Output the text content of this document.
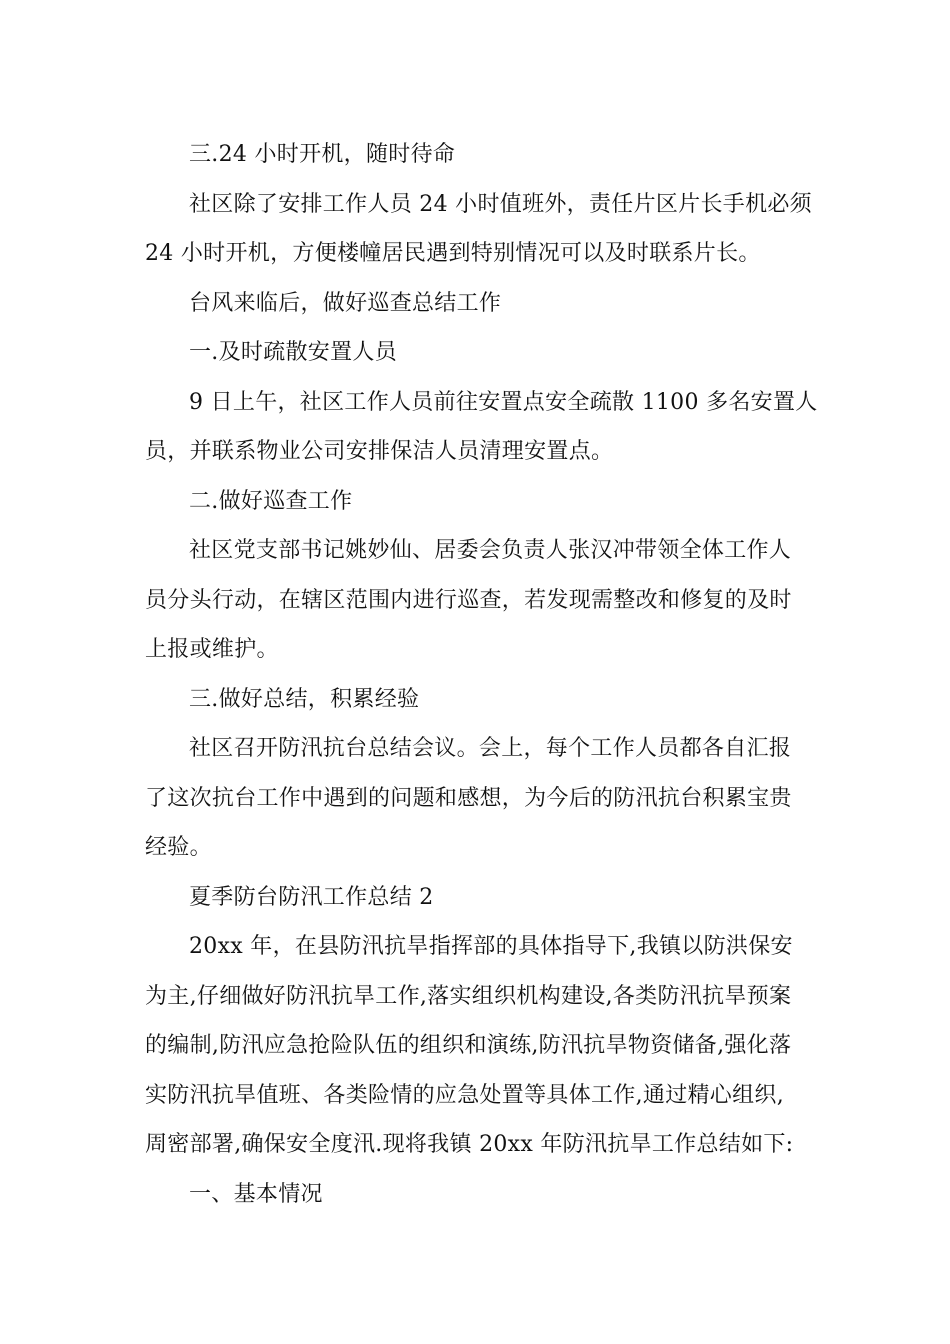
三.24 小时开机，随时待命
社区除了安排工作人员 24 小时值班外，责任片区片长手机必须
24 小时开机，方便楼幢居民遇到特别情况可以及时联系片长。
台风来临后，做好巡查总结工作
一.及时疏散安置人员
9 日上午，社区工作人员前往安置点安全疏散 1100 多名安置人
员，并联系物业公司安排保洁人员清理安置点。
二.做好巡查工作
社区党支部书记姚妙仙、居委会负责人张汉冲带领全体工作人
员分头行动，在辖区范围内进行巡查，若发现需整改和修复的及时
上报或维护。
三.做好总结，积累经验
社区召开防汛抗台总结会议。会上，每个工作人员都各自汇报
了这次抗台工作中遇到的问题和感想，为今后的防汛抗台积累宝贵
经验。
夏季防台防汛工作总结 2
20xx 年，在县防汛抗旱指挥部的具体指导下,我镇以防洪保安
为主,仔细做好防汛抗旱工作,落实组织机构建设,各类防汛抗旱预案
的编制,防汛应急抢险队伍的组织和演练,防汛抗旱物资储备,强化落
实防汛抗旱值班、各类险情的应急处置等具体工作,通过精心组织,
周密部署,确保安全度汛.现将我镇 20xx 年防汛抗旱工作总结如下:
一、基本情况
